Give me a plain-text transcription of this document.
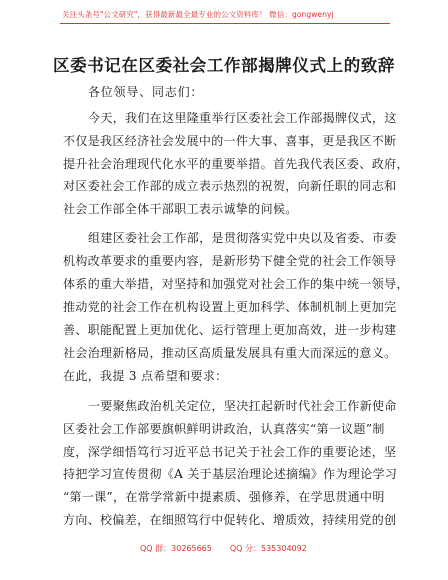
关注头条号"公文研究"，获得最新最全最专业的公文资料库！ 微信：gongwenyj
区委书记在区委社会工作部揭牌仪式上的致辞
各位领导、同志们：
今天，我们在这里隆重举行区委社会工作部揭牌仪式，这
不仅是我区经济社会发展中的一件大事、喜事，更是我区不断
提升社会治理现代化水平的重要举措。首先我代表区委、政府，
对区委社会工作部的成立表示热烈的祝贺，向新任职的同志和
社会工作部全体干部职工表示诚挚的问候。
组建区委社会工作部，是贯彻落实党中央以及省委、市委
机构改革要求的重要内容，是新形势下健全党的社会工作领导
体系的重大举措，对坚持和加强党对社会工作的集中统一领导，
推动党的社会工作在机构设置上更加科学、体制机制上更加完
善、职能配置上更加优化、运行管理上更加高效，进一步构建
社会治理新格局，推动区高质量发展具有重大而深远的意义。
在此，我提 3 点希望和要求：
一要聚焦政治机关定位，坚决扛起新时代社会工作新使命
区委社会工作部要旗帜鲜明讲政治，认真落实“第一议题”制
度，深学细悟笃行习近平总书记关于社会工作的重要论述，坚
持把学习宣传贯彻《A 关于基层治理论述摘编》作为理论学习
“第一课”，在常学常新中提素质、强修养，在学思贯通中明
方向、校偏差，在细照笃行中促转化、增质效，持续用党的创
QQ 群：30265665 QQ 分：535304092
